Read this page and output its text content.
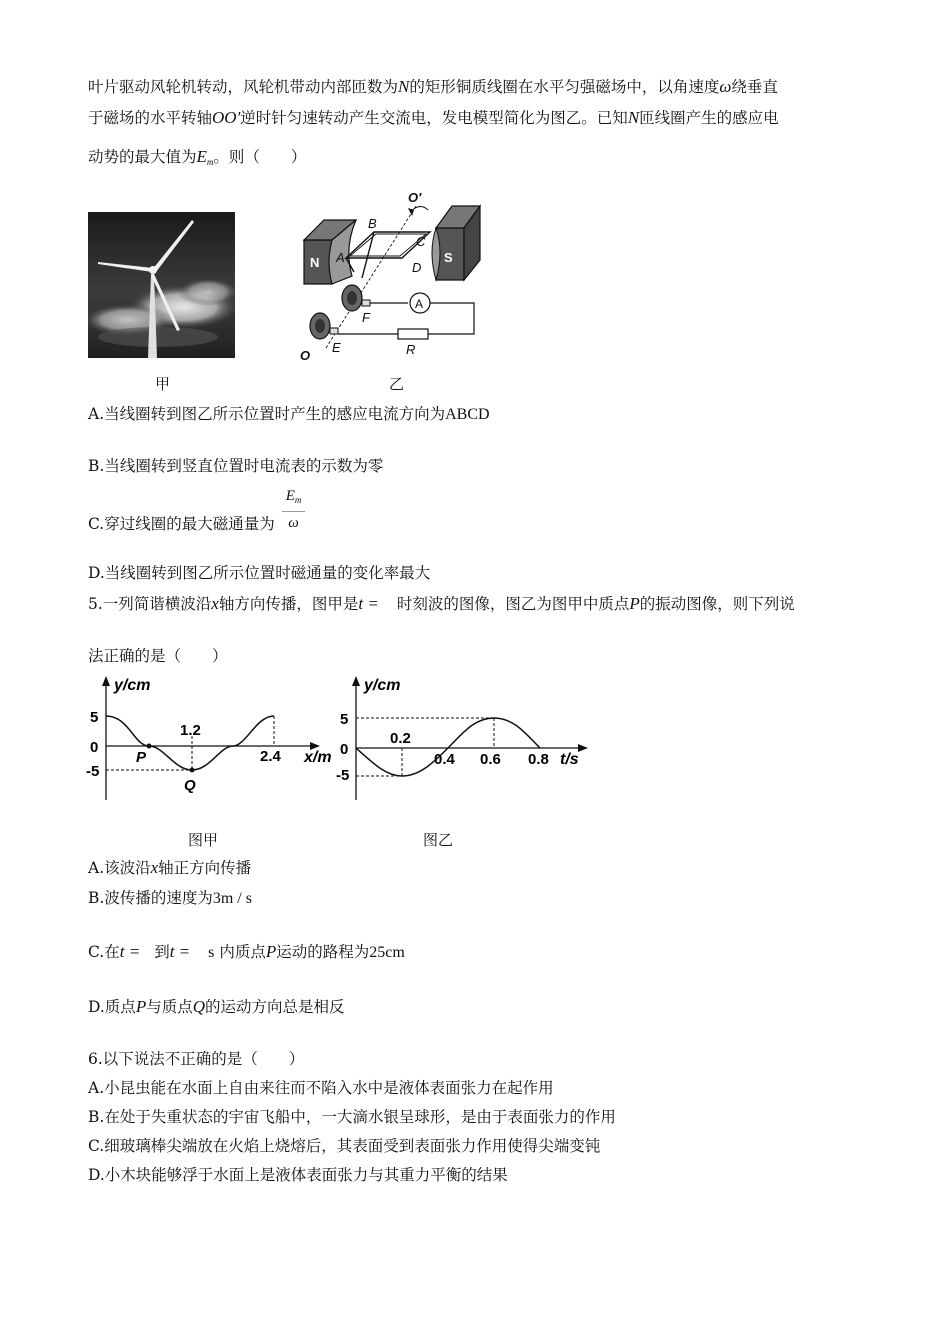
叶片驱动风轮机转动，风轮机带动内部匝数为N的矩形铜质线圈在水平匀强磁场中，以角速度ω绕垂直
于磁场的水平转轴OO′逆时针匀速转动产生交流电，发电模型简化为图乙。已知N匝线圈产生的感应电
动势的最大值为$E_m$。则（　　）
甲
N	S
A
B
C
D
O′
F
E
O
A
R
乙
A.当线圈转到图乙所示位置时产生的感应电流方向为ABCD
B.当线圈转到竖直位置时电流表的示数为零
C.穿过线圈的最大磁通量为 $\frac{E_m}{\omega}$
D.当线圈转到图乙所示位置时磁通量的变化率最大
5.一列简谐横波沿x轴方向传播，图甲是t = 时刻波的图像，图乙为图甲中质点P的振动图像，则下列说
法正确的是（　　）
y/cm
x/m
5
0
-5
1.2
2.4
P
Q
图甲
y/cm
t/s
5
0
-5
0.2
0.4 0.6 0.8
图乙
A.该波沿x轴正方向传播
B.波传播的速度为3m / s
C.在t = 到t = s 内质点P运动的路程为25cm
D.质点P与质点Q的运动方向总是相反
6.以下说法不正确的是（　　）
A.小昆虫能在水面上自由来往而不陷入水中是液体表面张力在起作用
B.在处于失重状态的宇宙飞船中，一大滴水银呈球形，是由于表面张力的作用
C.细玻璃棒尖端放在火焰上烧熔后，其表面受到表面张力作用使得尖端变钝
D.小木块能够浮于水面上是液体表面张力与其重力平衡的结果
